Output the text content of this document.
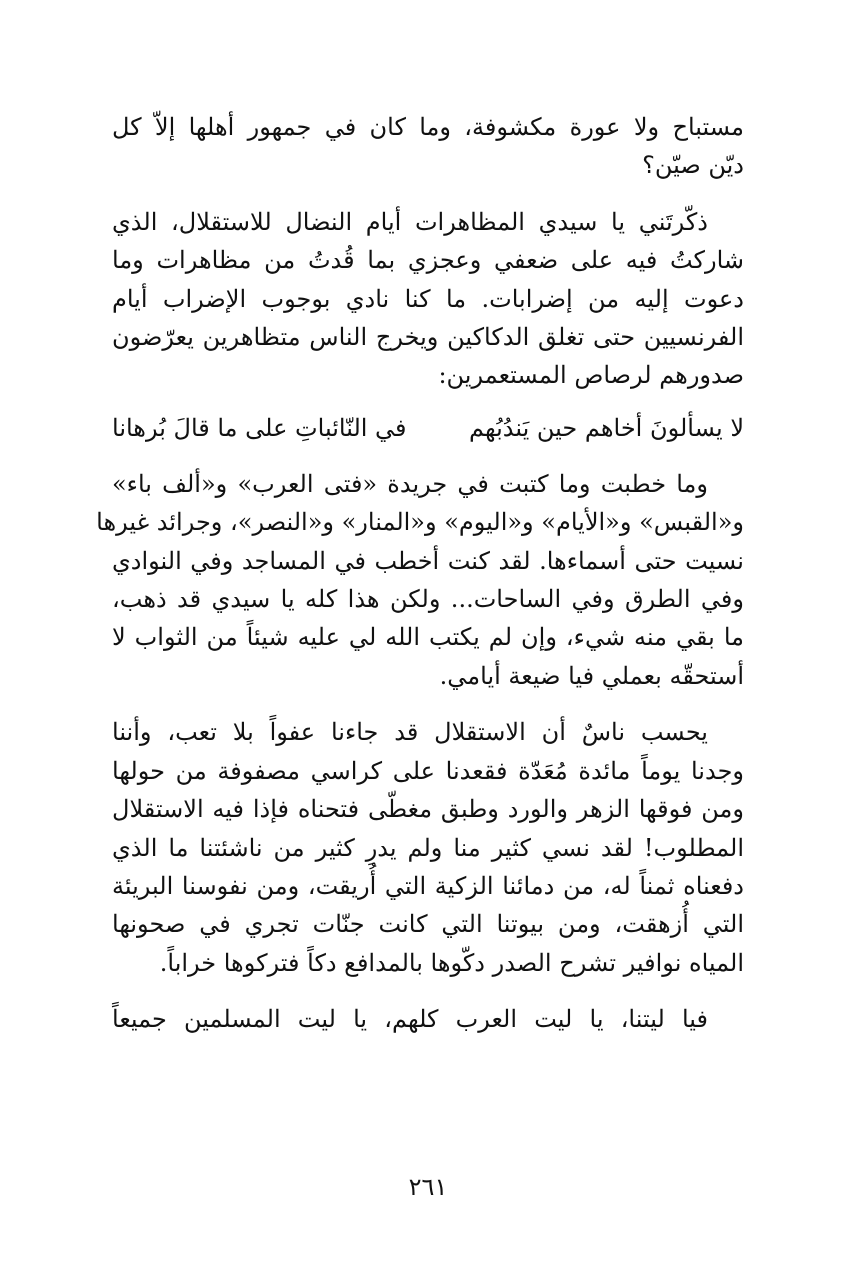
مستباح ولا عورة مكشوفة، وما كان في جمهور أهلها إلاّ كل
ديّن صيّن؟

ذكّرتَني يا سيدي المظاهرات أيام النضال للاستقلال، الذي
شاركتُ فيه على ضعفي وعجزي بما قُدتُ من مظاهرات وما
دعوت إليه من إضرابات. ما كنا نادي بوجوب الإضراب أيام
الفرنسيين حتى تغلق الدكاكين ويخرج الناس متظاهرين يعرّضون
صدورهم لرصاص المستعمرين:

لا يسألونَ أخاهم حين يَندُبُهم
في النّائباتِ على ما قالَ بُرهانا

وما خطبت وما كتبت في جريدة «فتى العرب» و«ألف باء»
و«القبس» و«الأيام» و«اليوم» و«المنار» و«النصر»، وجرائد غيرها
نسيت حتى أسماءها. لقد كنت أخطب في المساجد وفي النوادي
وفي الطرق وفي الساحات... ولكن هذا كله يا سيدي قد ذهب،
ما بقي منه شيء، وإن لم يكتب الله لي عليه شيئاً من الثواب لا
أستحقّه بعملي فيا ضيعة أيامي.

يحسب ناسٌ أن الاستقلال قد جاءنا عفواً بلا تعب، وأننا
وجدنا يوماً مائدة مُعَدّة فقعدنا على كراسي مصفوفة من حولها
ومن فوقها الزهر والورد وطبق مغطّى فتحناه فإذا فيه الاستقلال
المطلوب! لقد نسي كثير منا ولم يدرِ كثير من ناشئتنا ما الذي
دفعناه ثمناً له، من دمائنا الزكية التي أُريقت، ومن نفوسنا البريئة
التي أُزهقت، ومن بيوتنا التي كانت جنّات تجري في صحونها
المياه نوافير تشرح الصدر دكّوها بالمدافع دكاً فتركوها خراباً.

فيا ليتنا، يا ليت العرب كلهم، يا ليت المسلمين جميعاً

٢٦١
